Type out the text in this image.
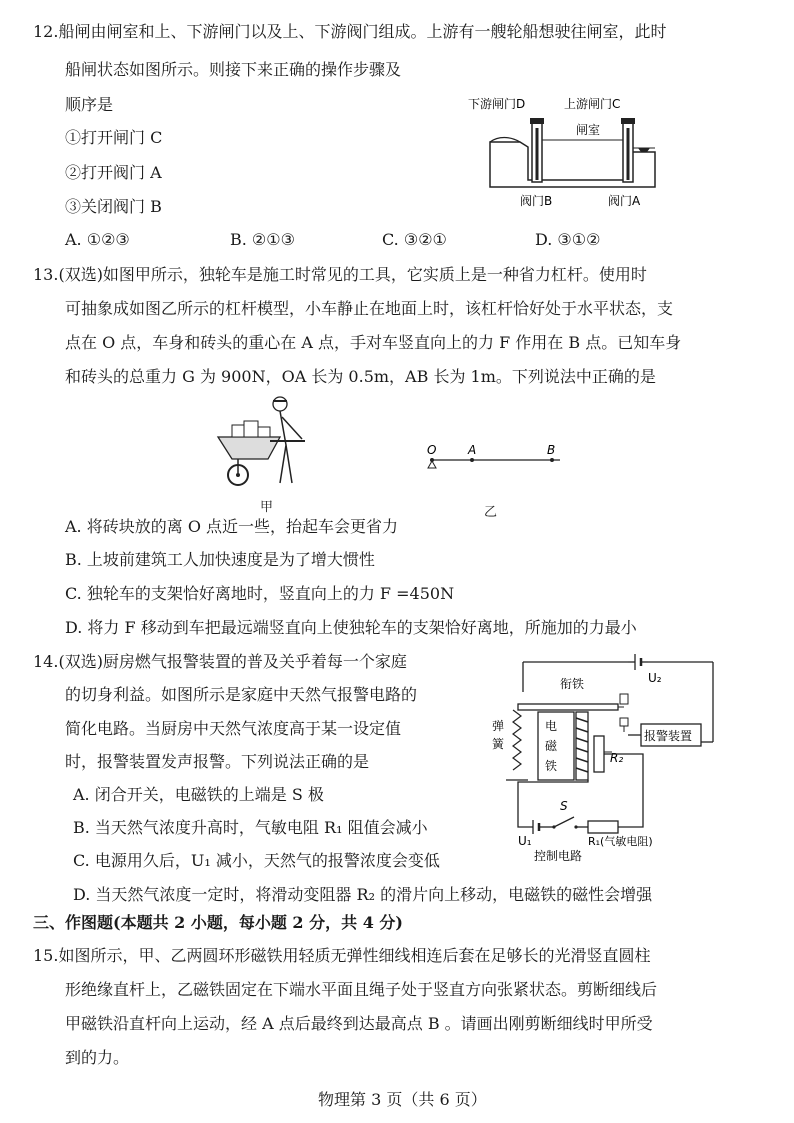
12.船闸由闸室和上、下游闸门以及上、下游阀门组成。上游有一艘轮船想驶往闸室，此时
船闸状态如图所示。则接下来正确的操作步骤及
顺序是
①打开闸门 C
②打开阀门 A
③关闭阀门 B
A. ①②③	B. ②①③	C. ③②①	D. ③①②
下游闸门D	上游闸门C
闸室
阀门B	阀门A
13.(双选)如图甲所示，独轮车是施工时常见的工具，它实质上是一种省力杠杆。使用时
可抽象成如图乙所示的杠杆模型，小车静止在地面上时，该杠杆恰好处于水平状态，支
点在 O 点，车身和砖头的重心在 A 点，手对车竖直向上的力 F 作用在 B 点。已知车身
和砖头的总重力 G 为 900N，OA 长为 0.5m，AB 长为 1m。下列说法中正确的是
甲
O	A	B
乙
A. 将砖块放的离 O 点近一些，抬起车会更省力
B. 上坡前建筑工人加快速度是为了增大惯性
C. 独轮车的支架恰好离地时，竖直向上的力 F =450N
D. 将力 F 移动到车把最远端竖直向上使独轮车的支架恰好离地，所施加的力最小
14.(双选)厨房燃气报警装置的普及关乎着每一个家庭
的切身利益。如图所示是家庭中天然气报警电路的
简化电路。当厨房中天然气浓度高于某一设定值
时，报警装置发声报警。下列说法正确的是
A. 闭合开关，电磁铁的上端是 S 极
B. 当天然气浓度升高时，气敏电阻 R₁ 阻值会减小
C. 电源用久后，U₁ 减小，天然气的报警浓度会变低
D. 当天然气浓度一定时，将滑动变阻器 R₂ 的滑片向上移动，电磁铁的磁性会增强
U₂
衔铁
弹
簧
电
磁
铁
报警装置
R₂
U₁
S
R₁(气敏电阻)
控制电路
三、作图题(本题共 2 小题，每小题 2 分，共 4 分)
15.如图所示，甲、乙两圆环形磁铁用轻质无弹性细线相连后套在足够长的光滑竖直圆柱
形绝缘直杆上，乙磁铁固定在下端水平面且绳子处于竖直方向张紧状态。剪断细线后
甲磁铁沿直杆向上运动，经 A 点后最终到达最高点 B 。请画出刚剪断细线时甲所受
到的力。
物理第 3 页（共 6 页）
